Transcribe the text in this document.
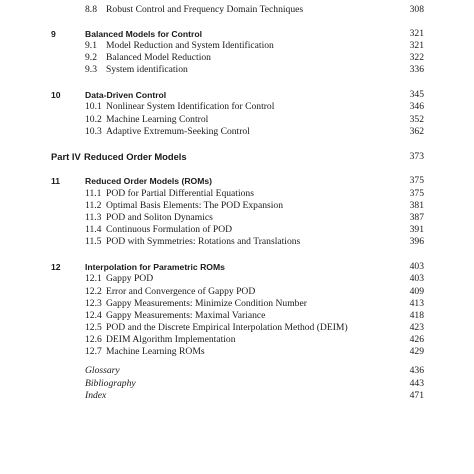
8.8 Robust Control and Frequency Domain Techniques	308
9	Balanced Models for Control	321
9.1 Model Reduction and System Identification	321
9.2 Balanced Model Reduction	322
9.3 System identification	336
10	Data-Driven Control	345
10.1 Nonlinear System Identification for Control	346
10.2 Machine Learning Control	352
10.3 Adaptive Extremum-Seeking Control	362
Part IV Reduced Order Models	373
11	Reduced Order Models (ROMs)	375
11.1 POD for Partial Differential Equations	375
11.2 Optimal Basis Elements: The POD Expansion	381
11.3 POD and Soliton Dynamics	387
11.4 Continuous Formulation of POD	391
11.5 POD with Symmetries: Rotations and Translations	396
12	Interpolation for Parametric ROMs	403
12.1 Gappy POD	403
12.2 Error and Convergence of Gappy POD	409
12.3 Gappy Measurements: Minimize Condition Number	413
12.4 Gappy Measurements: Maximal Variance	418
12.5 POD and the Discrete Empirical Interpolation Method (DEIM)	423
12.6 DEIM Algorithm Implementation	426
12.7 Machine Learning ROMs	429
Glossary	436
Bibliography	443
Index	471
